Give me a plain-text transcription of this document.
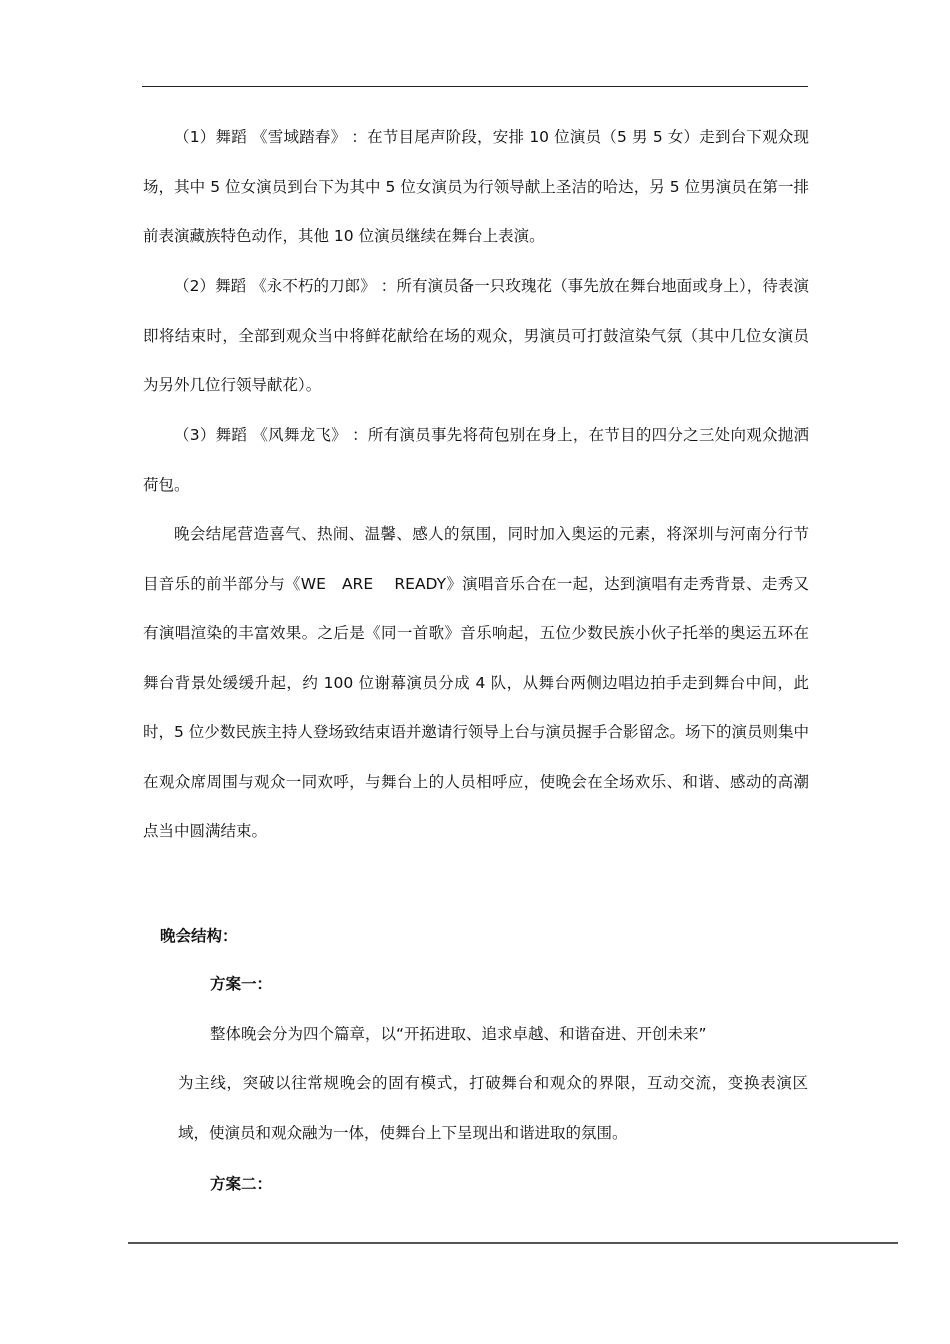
（1）舞蹈 《雪域踏春》 ：在节目尾声阶段，安排 10 位演员（5 男 5 女）走到台下观众现场，其中 5 位女演员到台下为其中 5 位女演员为行领导献上圣洁的哈达，另 5 位男演员在第一排前表演藏族特色动作，其他 10 位演员继续在舞台上表演。

（2）舞蹈 《永不朽的刀郎》 ：所有演员备一只玫瑰花（事先放在舞台地面或身上），待表演即将结束时，全部到观众当中将鲜花献给在场的观众，男演员可打鼓渲染气氛（其中几位女演员为另外几位行领导献花）。

（3）舞蹈 《风舞龙飞》 ：所有演员事先将荷包别在身上，在节目的四分之三处向观众抛洒荷包。

晚会结尾营造喜气、热闹、温馨、感人的氛围，同时加入奥运的元素，将深圳与河南分行节目音乐的前半部分与《WE　ARE　 READY》演唱音乐合在一起，达到演唱有走秀背景、走秀又有演唱渲染的丰富效果。之后是《同一首歌》音乐响起，五位少数民族小伙子托举的奥运五环在舞台背景处缓缓升起，约 100 位谢幕演员分成 4 队，从舞台两侧边唱边拍手走到舞台中间，此时，5 位少数民族主持人登场致结束语并邀请行领导上台与演员握手合影留念。场下的演员则集中在观众席周围与观众一同欢呼，与舞台上的人员相呼应，使晚会在全场欢乐、和谐、感动的高潮点当中圆满结束。

晚会结构：

方案一：

整体晚会分为四个篇章，以“开拓进取、追求卓越、和谐奋进、开创未来”

为主线，突破以往常规晚会的固有模式，打破舞台和观众的界限，互动交流，变换表演区域，使演员和观众融为一体，使舞台上下呈现出和谐进取的氛围。

方案二：
